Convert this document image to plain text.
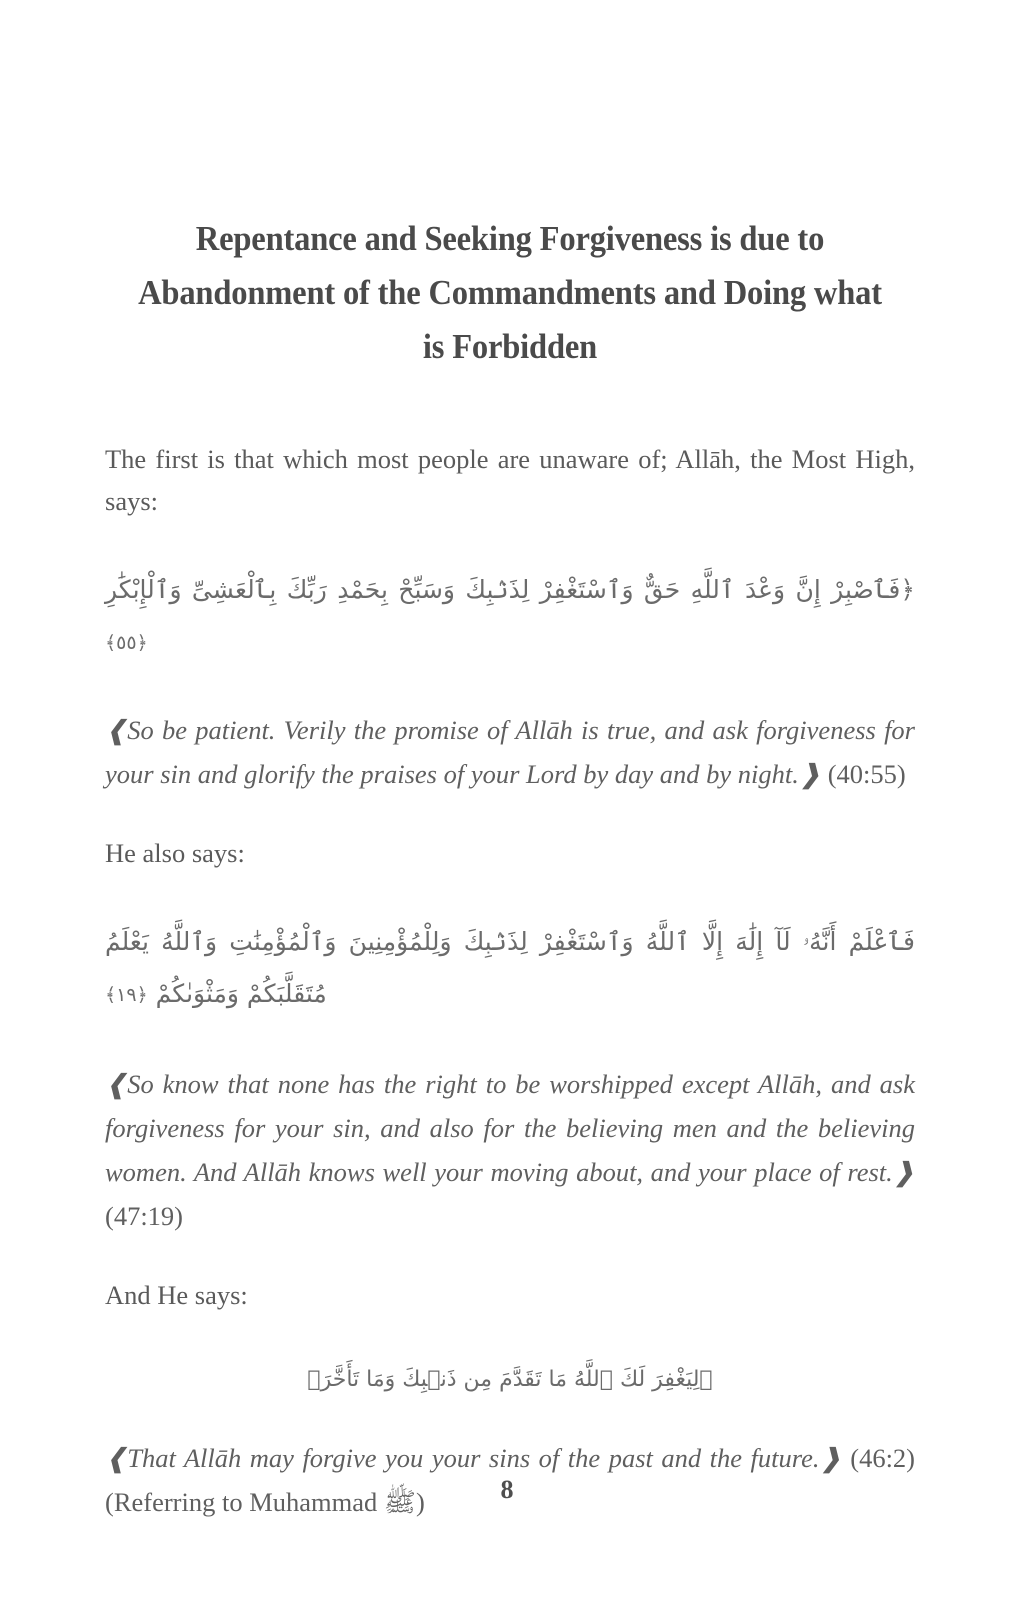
Repentance and Seeking Forgiveness is due to Abandonment of the Commandments and Doing what is Forbidden

The first is that which most people are unaware of; Allāh, the Most High, says:

﴿فَٱصْبِرْ إِنَّ وَعْدَ ٱللَّهِ حَقٌّ وَٱسْتَغْفِرْ لِذَنۢبِكَ وَسَبِّحْ بِحَمْدِ رَبِّكَ بِٱلْعَشِىِّ وَٱلْإِبْكَٰرِ ﴿٥٥﴾

❰So be patient. Verily the promise of Allāh is true, and ask forgiveness for your sin and glorify the praises of your Lord by day and by night.❱ (40:55)

He also says:

فَٱعْلَمْ أَنَّهُۥ لَآ إِلَٰهَ إِلَّا ٱللَّهُ وَٱسْتَغْفِرْ لِذَنۢبِكَ وَلِلْمُؤْمِنِينَ وَٱلْمُؤْمِنَٰتِ وَٱللَّهُ يَعْلَمُ مُتَقَلَّبَكُمْ وَمَثْوَىٰكُمْ ﴿١٩﴾

❰So know that none has the right to be worshipped except Allāh, and ask forgiveness for your sin, and also for the believing men and the believing women. And Allāh knows well your moving about, and your place of rest.❱ (47:19)

And He says:

﴿لِيَغْفِرَ لَكَ ٱللَّهُ مَا تَقَدَّمَ مِن ذَنۢبِكَ وَمَا تَأَخَّرَ﴾

❰That Allāh may forgive you your sins of the past and the future.❱ (46:2) (Referring to Muhammad ﷺ)	8
